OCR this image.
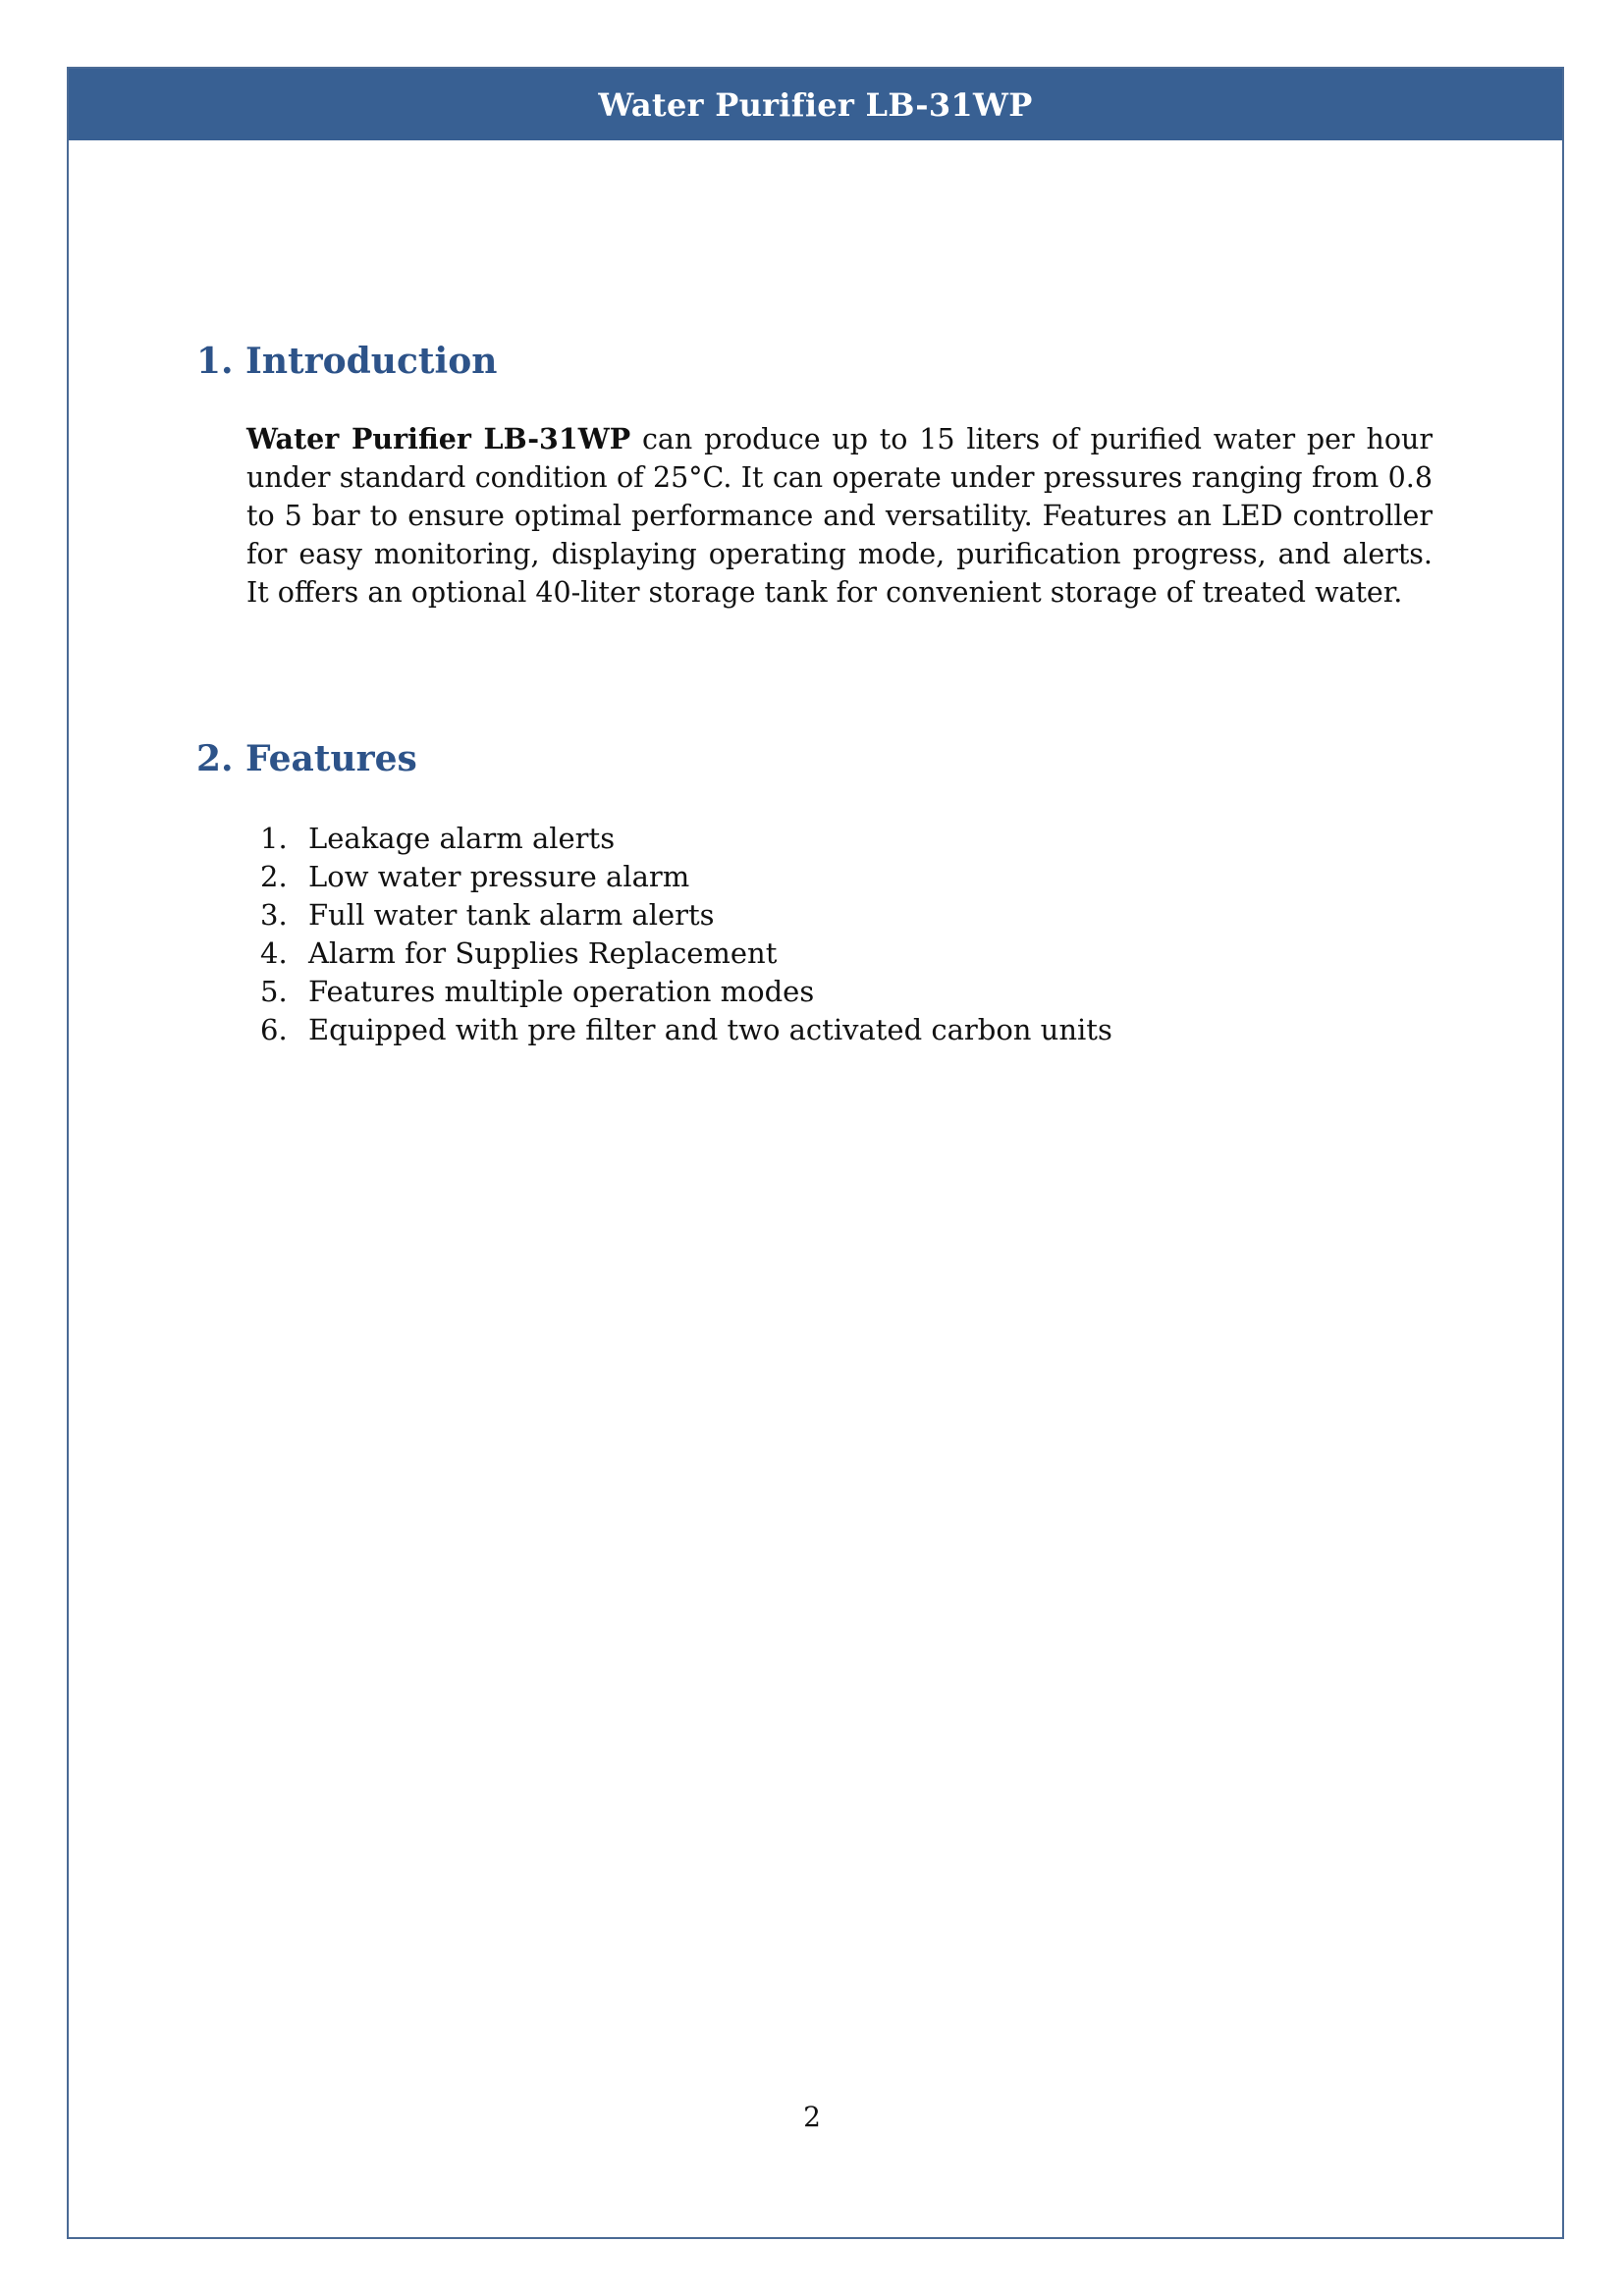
Water Purifier LB-31WP
1. Introduction
Water Purifier LB-31WP can produce up to 15 liters of purified water per hour under standard condition of 25°C. It can operate under pressures ranging from 0.8 to 5 bar to ensure optimal performance and versatility. Features an LED controller for easy monitoring, displaying operating mode, purification progress, and alerts. It offers an optional 40-liter storage tank for convenient storage of treated water.
2. Features
1. Leakage alarm alerts
2. Low water pressure alarm
3. Full water tank alarm alerts
4. Alarm for Supplies Replacement
5. Features multiple operation modes
6. Equipped with pre filter and two activated carbon units
2
